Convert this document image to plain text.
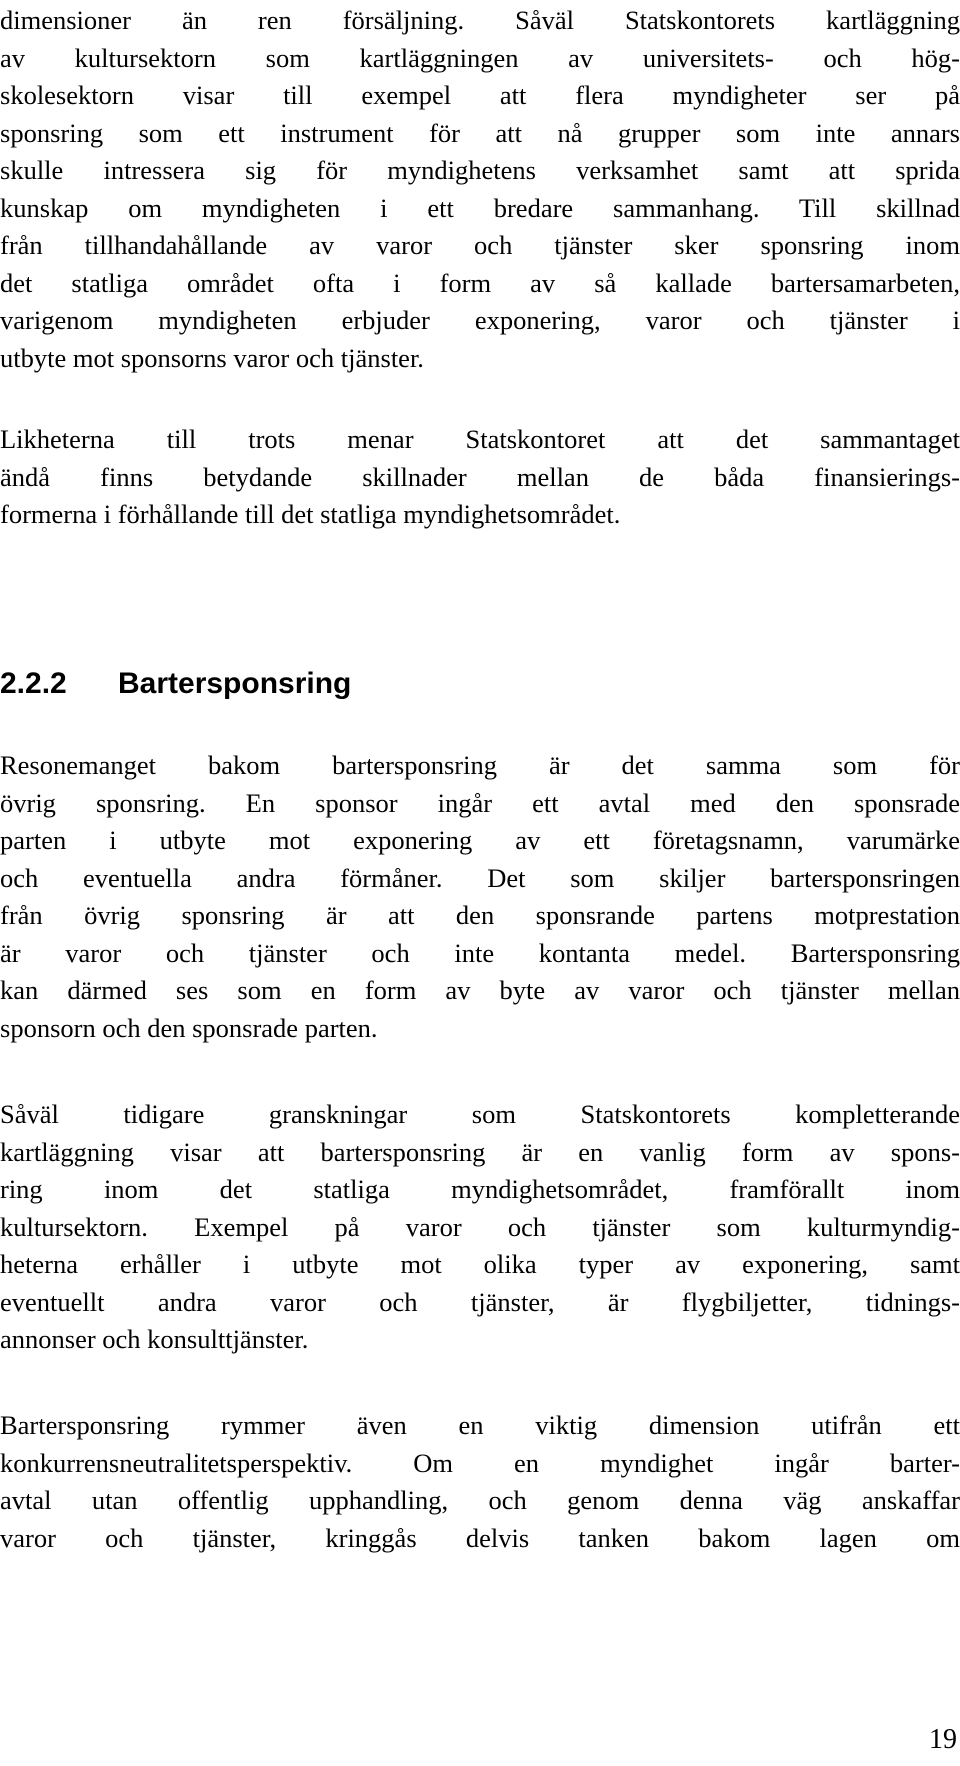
dimensioner än ren försäljning. Såväl Statskontorets kartläggning
av kultursektorn som kartläggningen av universitets- och hög-
skolesektorn visar till exempel att flera myndigheter ser på
sponsring som ett instrument för att nå grupper som inte annars
skulle intressera sig för myndighetens verksamhet samt att sprida
kunskap om myndigheten i ett bredare sammanhang. Till skillnad
från tillhandahållande av varor och tjänster sker sponsring inom
det statliga området ofta i form av så kallade bartersamarbeten,
varigenom myndigheten erbjuder exponering, varor och tjänster i
utbyte mot sponsorns varor och tjänster.
Likheterna till trots menar Statskontoret att det sammantaget
ändå finns betydande skillnader mellan de båda finansierings-
formerna i förhållande till det statliga myndighetsområdet.
2.2.2 Bartersponsring
Resonemanget bakom bartersponsring är det samma som för
övrig sponsring. En sponsor ingår ett avtal med den sponsrade
parten i utbyte mot exponering av ett företagsnamn, varumärke
och eventuella andra förmåner. Det som skiljer bartersponsringen
från övrig sponsring är att den sponsrande partens motprestation
är varor och tjänster och inte kontanta medel. Bartersponsring
kan därmed ses som en form av byte av varor och tjänster mellan
sponsorn och den sponsrade parten.
Såväl tidigare granskningar som Statskontorets kompletterande
kartläggning visar att bartersponsring är en vanlig form av spons-
ring inom det statliga myndighetsområdet, framförallt inom
kultursektorn. Exempel på varor och tjänster som kulturmyndig-
heterna erhåller i utbyte mot olika typer av exponering, samt
eventuellt andra varor och tjänster, är flygbiljetter, tidnings-
annonser och konsulttjänster.
Bartersponsring rymmer även en viktig dimension utifrån ett
konkurrensneutralitetsperspektiv. Om en myndighet ingår barter-
avtal utan offentlig upphandling, och genom denna väg anskaffar
varor och tjänster, kringgås delvis tanken bakom lagen om
19
